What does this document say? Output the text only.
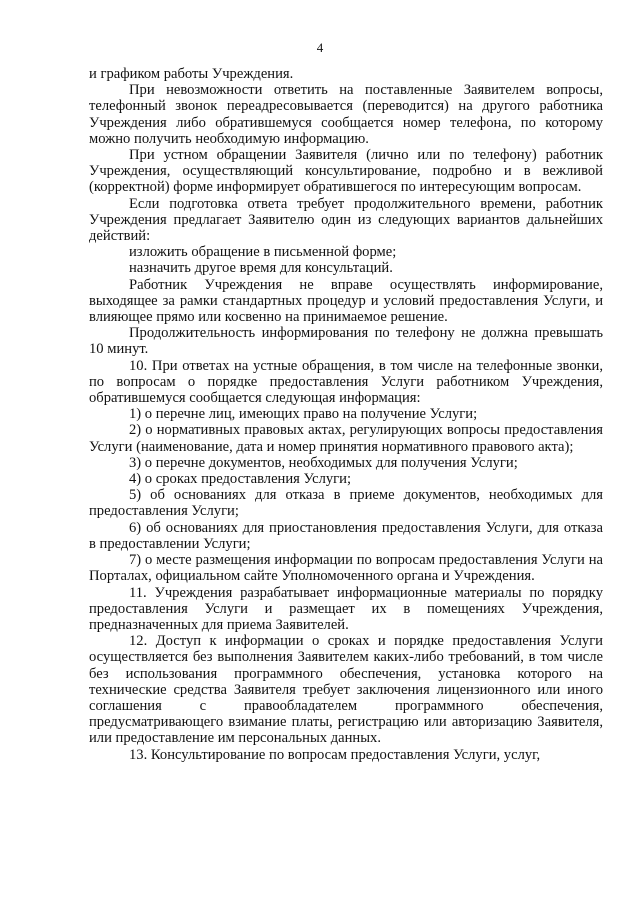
4

и графиком работы Учреждения.

При невозможности ответить на поставленные Заявителем вопросы, телефонный звонок переадресовывается (переводится) на другого работника Учреждения либо обратившемуся сообщается номер телефона, по которому можно получить необходимую информацию.

При устном обращении Заявителя (лично или по телефону) работник Учреждения, осуществляющий консультирование, подробно и в вежливой (корректной) форме информирует обратившегося по интересующим вопросам.

Если подготовка ответа требует продолжительного времени, работник Учреждения предлагает Заявителю один из следующих вариантов дальнейших действий:

изложить обращение в письменной форме;

назначить другое время для консультаций.

Работник Учреждения не вправе осуществлять информирование, выходящее за рамки стандартных процедур и условий предоставления Услуги, и влияющее прямо или косвенно на принимаемое решение.

Продолжительность информирования по телефону не должна превышать 10 минут.

10. При ответах на устные обращения, в том числе на телефонные звонки, по вопросам о порядке предоставления Услуги работником Учреждения, обратившемуся сообщается следующая информация:

1) о перечне лиц, имеющих право на получение Услуги;

2) о нормативных правовых актах, регулирующих вопросы предоставления Услуги (наименование, дата и номер принятия нормативного правового акта);

3) о перечне документов, необходимых для получения Услуги;

4) о сроках предоставления Услуги;

5) об основаниях для отказа в приеме документов, необходимых для предоставления Услуги;

6) об основаниях для приостановления предоставления Услуги, для отказа в предоставлении Услуги;

7) о месте размещения информации по вопросам предоставления Услуги на Порталах, официальном сайте Уполномоченного органа и Учреждения.

11. Учреждения разрабатывает информационные материалы по порядку предоставления Услуги и размещает их в помещениях Учреждения, предназначенных для приема Заявителей.

12. Доступ к информации о сроках и порядке предоставления Услуги осуществляется без выполнения Заявителем каких-либо требований, в том числе без использования программного обеспечения, установка которого на технические средства Заявителя требует заключения лицензионного или иного соглашения с правообладателем программного обеспечения, предусматривающего взимание платы, регистрацию или авторизацию Заявителя, или предоставление им персональных данных.

13. Консультирование по вопросам предоставления Услуги, услуг,
